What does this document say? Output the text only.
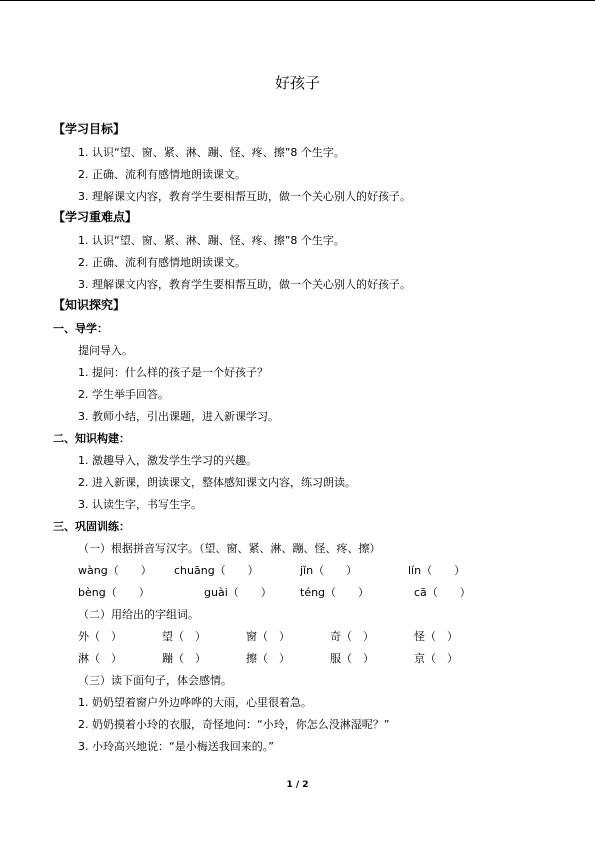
好孩子
【学习目标】
1. 认识“望、窗、紧、淋、蹦、怪、疼、擦”8 个生字。
2. 正确、流利有感情地朗读课文。
3. 理解课文内容，教育学生要相帮互助，做一个关心别人的好孩子。
【学习重难点】
1. 认识“望、窗、紧、淋、蹦、怪、疼、擦”8 个生字。
2. 正确、流利有感情地朗读课文。
3. 理解课文内容，教育学生要相帮互助，做一个关心别人的好孩子。
【知识探究】
一、导学：
提问导入。
1. 提问：什么样的孩子是一个好孩子？
2. 学生举手回答。
3. 教师小结，引出课题，进入新课学习。
二、知识构建：
1. 激趣导入，激发学生学习的兴趣。
2. 进入新课，朗读课文，整体感知课文内容，练习朗读。
3. 认读生字，书写生字。
三、巩固训练：
（一）根据拼音写汉字。（望、窗、紧、淋、蹦、怪、疼、擦）
wàng（　　） chuāng（　　）	jǐn（　　）	lín（　　）
bèng（　　）	guài（　　）	téng（　　）	cā（　　）
（二）用给出的字组词。
外（　）	望（　）	窗（　）	奇（　）	怪（　）
淋（　）	蹦（　）	擦（　）	服（　）	京（　）
（三）读下面句子，体会感情。
1. 奶奶望着窗户外边哗哗的大雨，心里很着急。
2. 奶奶摸着小玲的衣服，奇怪地问：“小玲，你怎么没淋湿呢？”
3. 小玲高兴地说：“是小梅送我回来的。”
1 / 2
